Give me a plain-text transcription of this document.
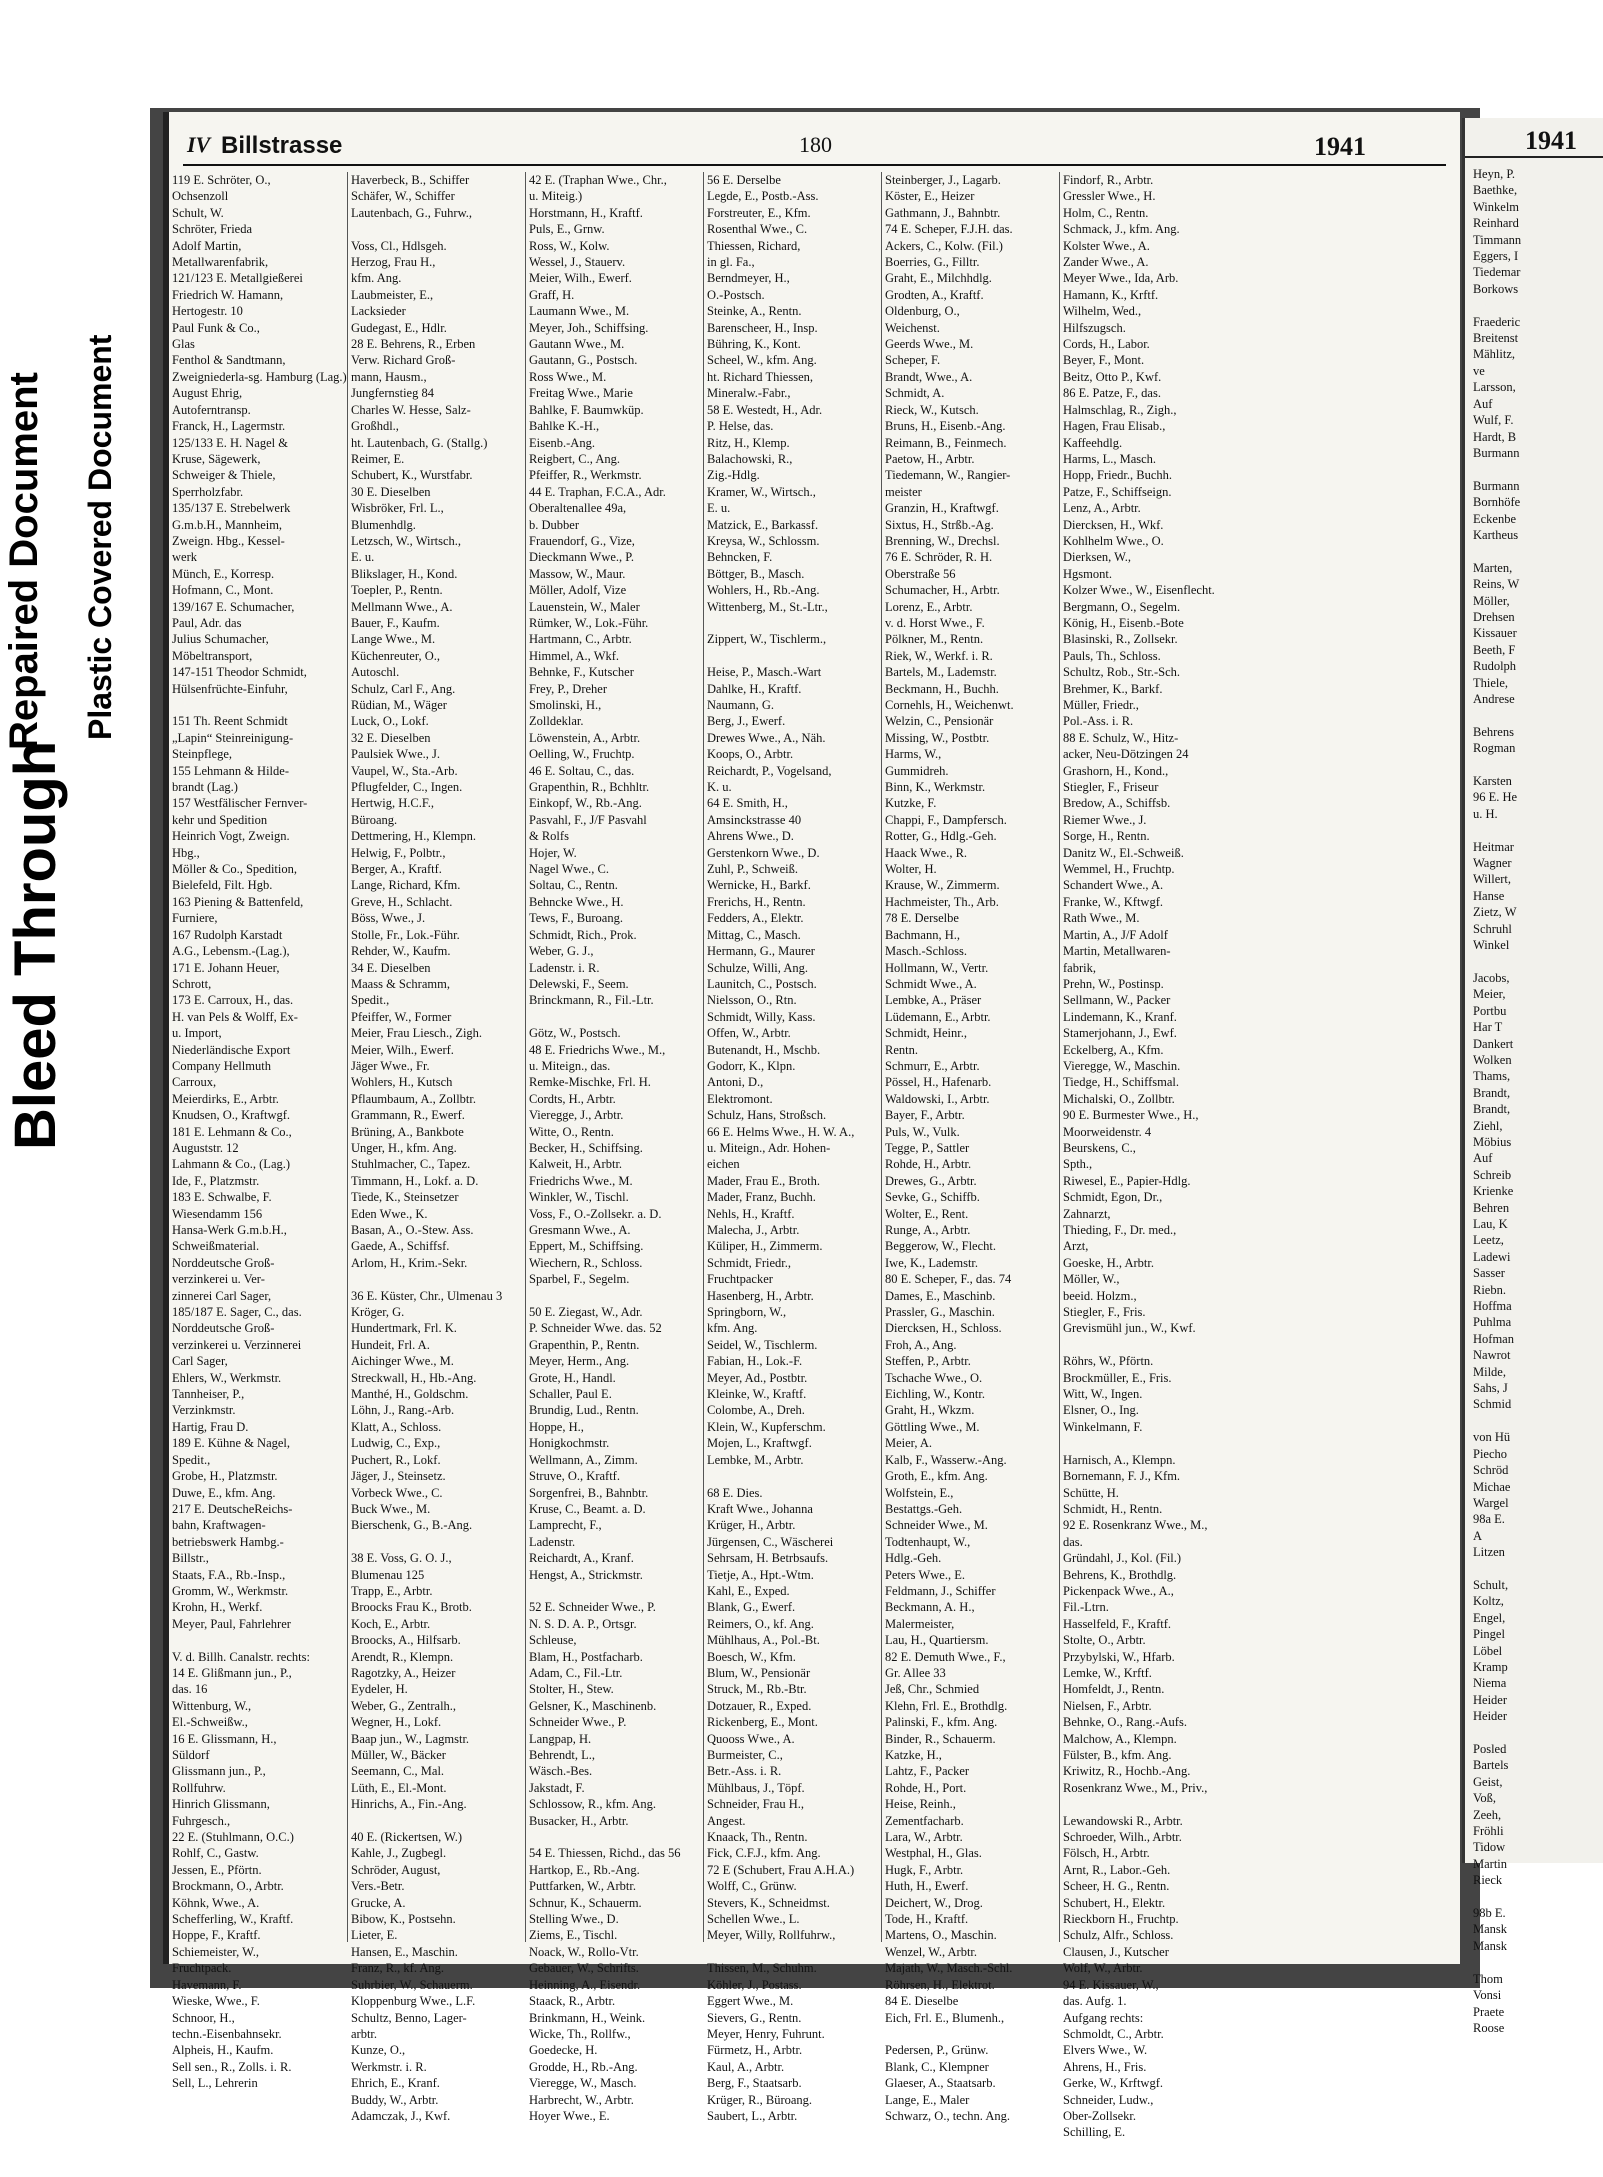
Bleed Through
Repaired Document Plastic Covered Document
IV Billstrasse	180	1941
119 E. Schröter, O.,
Ochsenzoll
Schult, W.
Schröter, Frieda
Adolf Martin,
Metallwarenfabrik,
121/123 E. Metallgießerei
Friedrich W. Hamann,
Hertogestr. 10
Paul Funk & Co.,
Glas
Fenthol & Sandtmann,
Zweigniederla-sg. Hamburg (Lag.)
August Ehrig,
Autoferntransp.
Franck, H., Lagermstr.
125/133 E. H. Nagel &
Kruse, Sägewerk,
Schweiger & Thiele,
Sperrholzfabr.
135/137 E. Strebelwerk
G.m.b.H., Mannheim,
Zweign. Hbg., Kessel-
werk
Münch, E., Korresp.
Hofmann, C., Mont.
139/167 E. Schumacher,
Paul, Adr. das
Julius Schumacher,
Möbeltransport,
147-151 Theodor Schmidt,
Hülsenfrüchte-Einfuhr,

151 Th. Reent Schmidt
„Lapin“ Steinreinigung-
Steinpflege,
155 Lehmann & Hilde-
brandt (Lag.)
157 Westfälischer Fernver-
kehr und Spedition
Heinrich Vogt, Zweign.
Hbg.,
Möller & Co., Spedition,
Bielefeld, Filt. Hgb.
163 Piening & Battenfeld,
Furniere,
167 Rudolph Karstadt
A.G., Lebensm.-(Lag.),
171 E. Johann Heuer,
Schrott,
173 E. Carroux, H., das.
H. van Pels & Wolff, Ex-
u. Import,
Niederländische Export
Company Hellmuth
Carroux,
Meierdirks, E., Arbtr.
Knudsen, O., Kraftwgf.
181 E. Lehmann & Co.,
Auguststr. 12
Lahmann & Co., (Lag.)
Ide, F., Platzmstr.
183 E. Schwalbe, F.
Wiesendamm 156
Hansa-Werk G.m.b.H.,
Schweißmaterial.
Norddeutsche Groß-
verzinkerei u. Ver-
zinnerei Carl Sager,
185/187 E. Sager, C., das.
Norddeutsche Groß-
verzinkerei u. Verzinnerei
Carl Sager,
Ehlers, W., Werkmstr.
Tannheiser, P.,
Verzinkmstr.
Hartig, Frau D.
189 E. Kühne & Nagel,
Spedit.,
Grobe, H., Platzmstr.
Duwe, E., kfm. Ang.
217 E. DeutscheReichs-
bahn, Kraftwagen-
betriebswerk Hambg.-
Billstr.,
Staats, F.A., Rb.-Insp.,
Gromm, W., Werkmstr.
Krohn, H., Werkf.
Meyer, Paul, Fahrlehrer

V. d. Billh. Canalstr. rechts:
14 E. Glißmann jun., P.,
das. 16
Wittenburg, W.,
El.-Schweißw.,
16 E. Glissmann, H.,
Süldorf
Glissmann jun., P.,
Rollfuhrw.
Hinrich Glissmann,
Fuhrgesch.,
22 E. (Stuhlmann, O.C.)
Rohlf, C., Gastw.
Jessen, E., Pförtn.
Brockmann, O., Arbtr.
Köhnk, Wwe., A.
Schefferling, W., Kraftf.
Hoppe, F., Kraftf.
Schiemeister, W.,
Fruchtpack.
Havemann, F.
Wieske, Wwe., F.
Schnoor, H.,
techn.-Eisenbahnsekr.
Alpheis, H., Kaufm.
Sell sen., R., Zolls. i. R.
Sell, L., Lehrerin
Haverbeck, B., Schiffer
Schäfer, W., Schiffer
Lautenbach, G., Fuhrw.,

Voss, Cl., Hdlsgeh.
Herzog, Frau H.,
kfm. Ang.
Laubmeister, E.,
Lacksieder
Gudegast, E., Hdlr.
28 E. Behrens, R., Erben
Verw. Richard Groß-
mann, Hausm.,
Jungfernstieg 84
Charles W. Hesse, Salz-
Großhdl.,
ht. Lautenbach, G. (Stallg.)
Reimer, E.
Schubert, K., Wurstfabr.
30 E. Dieselben
Wisbröker, Frl. L.,
Blumenhdlg.
Letzsch, W., Wirtsch.,
E. u.
Blikslager, H., Kond.
Toepler, P., Rentn.
Mellmann Wwe., A.
Bauer, F., Kaufm.
Lange Wwe., M.
Küchenreuter, O.,
Autoschl.
Schulz, Carl F., Ang.
Rüdian, M., Wäger
Luck, O., Lokf.
32 E. Dieselben
Paulsiek Wwe., J.
Vaupel, W., Sta.-Arb.
Pflugfelder, C., Ingen.
Hertwig, H.C.F.,
Büroang.
Dettmering, H., Klempn.
Helwig, F., Polbtr.,
Berger, A., Kraftf.
Lange, Richard, Kfm.
Greve, H., Schlacht.
Böss, Wwe., J.
Stolle, Fr., Lok.-Führ.
Rehder, W., Kaufm.
34 E. Dieselben
Maass & Schramm,
Spedit.,
Pfeiffer, W., Former
Meier, Frau Liesch., Zigh.
Meier, Wilh., Ewerf.
Jäger Wwe., Fr.
Wohlers, H., Kutsch
Pflaumbaum, A., Zollbtr.
Grammann, R., Ewerf.
Brüning, A., Bankbote
Unger, H., kfm. Ang.
Stuhlmacher, C., Tapez.
Timmann, H., Lokf. a. D.
Tiede, K., Steinsetzer
Eden Wwe., K.
Basan, A., O.-Stew. Ass.
Gaede, A., Schiffsf.
Arlom, H., Krim.-Sekr.

36 E. Küster, Chr., Ulmenau 3
Kröger, G.
Hundertmark, Frl. K.
Hundeit, Frl. A.
Aichinger Wwe., M.
Streckwall, H., Hb.-Ang.
Manthé, H., Goldschm.
Löhn, J., Rang.-Arb.
Klatt, A., Schloss.
Ludwig, C., Exp.,
Puchert, R., Lokf.
Jäger, J., Steinsetz.
Vorbeck Wwe., C.
Buck Wwe., M.
Bierschenk, G., B.-Ang.

38 E. Voss, G. O. J.,
Blumenau 125
Trapp, E., Arbtr.
Broocks Frau K., Brotb.
Koch, E., Arbtr.
Broocks, A., Hilfsarb.
Arendt, R., Klempn.
Ragotzky, A., Heizer
Eydeler, H.
Weber, G., Zentralh.,
Wegner, H., Lokf.
Baap jun., W., Lagmstr.
Müller, W., Bäcker
Seemann, C., Mal.
Lüth, E., El.-Mont.
Hinrichs, A., Fin.-Ang.

40 E. (Rickertsen, W.)
Kahle, J., Zugbegl.
Schröder, August,
Vers.-Betr.
Grucke, A.
Bibow, K., Postsehn.
Lieter, E.
Hansen, E., Maschin.
Franz, R., kf. Ang.
Suhrbier, W., Schauerm.
Kloppenburg Wwe., L.F.
Schultz, Benno, Lager-
arbtr.
Kunze, O.,
Werkmstr. i. R.
Ehrich, E., Kranf.
Buddy, W., Arbtr.
Adamczak, J., Kwf.
42 E. (Traphan Wwe., Chr.,
u. Miteig.)
Horstmann, H., Kraftf.
Puls, E., Grnw.
Ross, W., Kolw.
Wessel, J., Stauerv.
Meier, Wilh., Ewerf.
Graff, H.
Laumann Wwe., M.
Meyer, Joh., Schiffsing.
Gautann Wwe., M.
Gautann, G., Postsch.
Ross Wwe., M.
Freitag Wwe., Marie
Bahlke, F. Baumwküp.
Bahlke K.-H.,
Eisenb.-Ang.
Reigbert, C., Ang.
Pfeiffer, R., Werkmstr.
44 E. Traphan, F.C.A., Adr.
Oberaltenallee 49a,
b. Dubber
Frauendorf, G., Vize,
Dieckmann Wwe., P.
Massow, W., Maur.
Möller, Adolf, Vize
Lauenstein, W., Maler
Rümker, W., Lok.-Führ.
Hartmann, C., Arbtr.
Himmel, A., Wkf.
Behnke, F., Kutscher
Frey, P., Dreher
Smolinski, H.,
Zolldeklar.
Löwenstein, A., Arbtr.
Oelling, W., Fruchtp.
46 E. Soltau, C., das.
Grapenthin, R., Bchhltr.
Einkopf, W., Rb.-Ang.
Pasvahl, F., J/F Pasvahl
& Rolfs
Hojer, W.
Nagel Wwe., C.
Soltau, C., Rentn.
Behncke Wwe., H.
Tews, F., Buroang.
Schmidt, Rich., Prok.
Weber, G. J.,
Ladenstr. i. R.
Delewski, F., Seem.
Brinckmann, R., Fil.-Ltr.

Götz, W., Postsch.
48 E. Friedrichs Wwe., M.,
u. Miteign., das.
Remke-Mischke, Frl. H.
Cordts, H., Arbtr.
Vieregge, J., Arbtr.
Witte, O., Rentn.
Becker, H., Schiffsing.
Kalweit, H., Arbtr.
Friedrichs Wwe., M.
Winkler, W., Tischl.
Voss, F., O.-Zollsekr. a. D.
Gresmann Wwe., A.
Eppert, M., Schiffsing.
Wiechern, R., Schloss.
Sparbel, F., Segelm.

50 E. Ziegast, W., Adr.
P. Schneider Wwe. das. 52
Grapenthin, P., Rentn.
Meyer, Herm., Ang.
Grote, H., Handl.
Schaller, Paul E.
Brundig, Lud., Rentn.
Hoppe, H.,
Honigkochmstr.
Wellmann, A., Zimm.
Struve, O., Kraftf.
Sorgenfrei, B., Bahnbtr.
Kruse, C., Beamt. a. D.
Lamprecht, F.,
Ladenstr.
Reichardt, A., Kranf.
Hengst, A., Strickmstr.

52 E. Schneider Wwe., P.
N. S. D. A. P., Ortsgr.
Schleuse,
Blam, H., Postfacharb.
Adam, C., Fil.-Ltr.
Stolter, H., Stew.
Gelsner, K., Maschinenb.
Schneider Wwe., P.
Langpap, H.
Behrendt, L.,
Wäsch.-Bes.
Jakstadt, F.
Schlossow, R., kfm. Ang.
Busacker, H., Arbtr.

54 E. Thiessen, Richd., das 56
Hartkop, E., Rb.-Ang.
Puttfarken, W., Arbtr.
Schnur, K., Schauerm.
Stelling Wwe., D.
Ziems, E., Tischl.
Noack, W., Rollo-Vtr.
Gebauer, W., Schrifts.
Heinning, A., Eisendr.
Staack, R., Arbtr.
Brinkmann, H., Weink.
Wicke, Th., Rollfw.,
Goedecke, H.
Grodde, H., Rb.-Ang.
Vieregge, W., Masch.
Harbrecht, W., Arbtr.
Hoyer Wwe., E.
56 E. Derselbe
Legde, E., Postb.-Ass.
Forstreuter, E., Kfm.
Rosenthal Wwe., C.
Thiessen, Richard,
in gl. Fa.,
Berndmeyer, H.,
O.-Postsch.
Steinke, A., Rentn.
Barenscheer, H., Insp.
Bühring, K., Kont.
Scheel, W., kfm. Ang.
ht. Richard Thiessen,
Mineralw.-Fabr.,
58 E. Westedt, H., Adr.
P. Helse, das.
Ritz, H., Klemp.
Balachowski, R.,
Zig.-Hdlg.
Kramer, W., Wirtsch.,
E. u.
Matzick, E., Barkassf.
Kreysa, W., Schlossm.
Behncken, F.
Böttger, B., Masch.
Wohlers, H., Rb.-Ang.
Wittenberg, M., St.-Ltr.,

Zippert, W., Tischlerm.,

Heise, P., Masch.-Wart
Dahlke, H., Kraftf.
Naumann, G.
Berg, J., Ewerf.
Drewes Wwe., A., Näh.
Koops, O., Arbtr.
Reichardt, P., Vogelsand,
K. u.
64 E. Smith, H.,
Amsinckstrasse 40
Ahrens Wwe., D.
Gerstenkorn Wwe., D.
Zuhl, P., Schweiß.
Wernicke, H., Barkf.
Frerichs, H., Rentn.
Fedders, A., Elektr.
Mittag, C., Masch.
Hermann, G., Maurer
Schulze, Willi, Ang.
Launitch, C., Postsch.
Nielsson, O., Rtn.
Schmidt, Willy, Kass.
Offen, W., Arbtr.
Butenandt, H., Mschb.
Godorr, K., Klpn.
Antoni, D.,
Elektromont.
Schulz, Hans, Stroßsch.
66 E. Helms Wwe., H. W. A.,
u. Miteign., Adr. Hohen-
eichen
Mader, Frau E., Broth.
Mader, Franz, Buchh.
Nehls, H., Kraftf.
Malecha, J., Arbtr.
Küliper, H., Zimmerm.
Schmidt, Friedr.,
Fruchtpacker
Hasenberg, H., Arbtr.
Springborn, W.,
kfm. Ang.
Seidel, W., Tischlerm.
Fabian, H., Lok.-F.
Meyer, Ad., Postbtr.
Kleinke, W., Kraftf.
Colombe, A., Dreh.
Klein, W., Kupferschm.
Mojen, L., Kraftwgf.
Lembke, M., Arbtr.

68 E. Dies.
Kraft Wwe., Johanna
Krüger, H., Arbtr.
Jürgensen, C., Wäscherei
Sehrsam, H. Betrbsaufs.
Tietje, A., Hpt.-Wtm.
Kahl, E., Exped.
Blank, G., Ewerf.
Reimers, O., kf. Ang.
Mühlhaus, A., Pol.-Bt.
Boesch, W., Kfm.
Blum, W., Pensionär
Struck, M., Rb.-Btr.
Dotzauer, R., Exped.
Rickenberg, E., Mont.
Quooss Wwe., A.
Burmeister, C.,
Betr.-Ass. i. R.
Mühlbaus, J., Töpf.
Schneider, Frau H.,
Angest.
Knaack, Th., Rentn.
Fick, C.F.J., kfm. Ang.
72 E (Schubert, Frau A.H.A.)
Wolff, C., Grünw.
Stevers, K., Schneidmst.
Schellen Wwe., L.
Meyer, Willy, Rollfuhrw.,

Thissen, M., Schuhm.
Köhler, J., Postass.
Eggert Wwe., M.
Sievers, G., Rentn.
Meyer, Henry, Fuhrunt.
Fürmetz, H., Arbtr.
Kaul, A., Arbtr.
Berg, F., Staatsarb.
Krüger, R., Büroang.
Saubert, L., Arbtr.
Steinberger, J., Lagarb.
Köster, E., Heizer
Gathmann, J., Bahnbtr.
74 E. Scheper, F.J.H. das.
Ackers, C., Kolw. (Fil.)
Boerries, G., Filltr.
Graht, E., Milchhdlg.
Grodten, A., Kraftf.
Oldenburg, O.,
Weichenst.
Geerds Wwe., M.
Scheper, F.
Brandt, Wwe., A.
Schmidt, A.
Rieck, W., Kutsch.
Bruns, H., Eisenb.-Ang.
Reimann, B., Feinmech.
Paetow, H., Arbtr.
Tiedemann, W., Rangier-
meister
Granzin, H., Kraftwgf.
Sixtus, H., Strßb.-Ag.
Brenning, W., Drechsl.
76 E. Schröder, R. H.
Oberstraße 56
Schumacher, H., Arbtr.
Lorenz, E., Arbtr.
v. d. Horst Wwe., F.
Pölkner, M., Rentn.
Riek, W., Werkf. i. R.
Bartels, M., Lademstr.
Beckmann, H., Buchh.
Cornehls, H., Weichenwt.
Welzin, C., Pensionär
Missing, W., Postbtr.
Harms, W.,
Gummidreh.
Binn, K., Werkmstr.
Kutzke, F.
Chappi, F., Dampfersch.
Rotter, G., Hdlg.-Geh.
Haack Wwe., R.
Wolter, H.
Krause, W., Zimmerm.
Hachmeister, Th., Arb.
78 E. Derselbe
Bachmann, H.,
Masch.-Schloss.
Hollmann, W., Vertr.
Schmidt Wwe., A.
Lembke, A., Präser
Lüdemann, E., Arbtr.
Schmidt, Heinr.,
Rentn.
Schmurr, E., Arbtr.
Pössel, H., Hafenarb.
Waldowski, I., Arbtr.
Bayer, F., Arbtr.
Puls, W., Vulk.
Tegge, P., Sattler
Rohde, H., Arbtr.
Drewes, G., Arbtr.
Sevke, G., Schiffb.
Wolter, E., Rent.
Runge, A., Arbtr.
Beggerow, W., Flecht.
Iwe, K., Lademstr.
80 E. Scheper, F., das. 74
Dames, E., Maschinb.
Prassler, G., Maschin.
Diercksen, H., Schloss.
Froh, A., Ang.
Steffen, P., Arbtr.
Tschache Wwe., O.
Eichling, W., Kontr.
Graht, H., Wkzm.
Göttling Wwe., M.
Meier, A.
Kalb, F., Wasserw.-Ang.
Groth, E., kfm. Ang.
Wolfstein, E.,
Bestattgs.-Geh.
Schneider Wwe., M.
Todtenhaupt, W.,
Hdlg.-Geh.
Peters Wwe., E.
Feldmann, J., Schiffer
Beckmann, A. H.,
Malermeister,
Lau, H., Quartiersm.
82 E. Demuth Wwe., F.,
Gr. Allee 33
Jeß, Chr., Schmied
Klehn, Frl. E., Brothdlg.
Palinski, F., kfm. Ang.
Binder, R., Schauerm.
Katzke, H.,
Lahtz, F., Packer
Rohde, H., Port.
Heise, Reinh.,
Zementfacharb.
Lara, W., Arbtr.
Westphal, H., Glas.
Hugk, F., Arbtr.
Huth, H., Ewerf.
Deichert, W., Drog.
Tode, H., Kraftf.
Martens, O., Maschin.
Wenzel, W., Arbtr.
Majath, W., Masch.-Schl.
Röhrsen, H., Elektrot.
84 E. Dieselbe
Eich, Frl. E., Blumenh.,

Pedersen, P., Grünw.
Blank, C., Klempner
Glaeser, A., Staatsarb.
Lange, E., Maler
Schwarz, O., techn. Ang.
Findorf, R., Arbtr.
Gressler Wwe., H.
Holm, C., Rentn.
Schmack, J., kfm. Ang.
Kolster Wwe., A.
Zander Wwe., A.
Meyer Wwe., Ida, Arb.
Hamann, K., Krftf.
Wilhelm, Wed.,
Hilfszugsch.
Cords, H., Labor.
Beyer, F., Mont.
Beitz, Otto P., Kwf.
86 E. Patze, F., das.
Halmschlag, R., Zigh.,
Hagen, Frau Elisab.,
Kaffeehdlg.
Harms, L., Masch.
Hopp, Friedr., Buchh.
Patze, F., Schiffseign.
Lenz, A., Arbtr.
Diercksen, H., Wkf.
Kohlhelm Wwe., O.
Dierksen, W.,
Hgsmont.
Kolzer Wwe., W., Eisenflecht.
Bergmann, O., Segelm.
König, H., Eisenb.-Bote
Blasinski, R., Zollsekr.
Pauls, Th., Schloss.
Schultz, Rob., Str.-Sch.
Brehmer, K., Barkf.
Müller, Friedr.,
Pol.-Ass. i. R.
88 E. Schulz, W., Hitz-
acker, Neu-Dötzingen 24
Grashorn, H., Kond.,
Stiegler, F., Friseur
Bredow, A., Schiffsb.
Riemer Wwe., J.
Sorge, H., Rentn.
Danitz W., El.-Schweiß.
Wemmel, H., Fruchtp.
Schandert Wwe., A.
Franke, W., Kftwgf.
Rath Wwe., M.
Martin, A., J/F Adolf
Martin, Metallwaren-
fabrik,
Prehn, W., Postinsp.
Sellmann, W., Packer
Lindemann, K., Kranf.
Stamerjohann, J., Ewf.
Eckelberg, A., Kfm.
Vieregge, W., Maschin.
Tiedge, H., Schiffsmal.
Michalski, O., Zollbtr.
90 E. Burmester Wwe., H.,
Moorweidenstr. 4
Beurskens, C.,
Spth.,
Riwesel, E., Papier-Hdlg.
Schmidt, Egon, Dr.,
Zahnarzt,
Thieding, F., Dr. med.,
Arzt,
Goeske, H., Arbtr.
Möller, W.,
beeid. Holzm.,
Stiegler, F., Fris.
Grevismühl jun., W., Kwf.

Röhrs, W., Pförtn.
Brockmüller, E., Fris.
Witt, W., Ingen.
Elsner, O., Ing.
Winkelmann, F.

Harnisch, A., Klempn.
Bornemann, F. J., Kfm.
Schütte, H.
Schmidt, H., Rentn.
92 E. Rosenkranz Wwe., M.,
das.
Gründahl, J., Kol. (Fil.)
Behrens, K., Brothdlg.
Pickenpack Wwe., A.,
Fil.-Ltrn.
Hasselfeld, F., Kraftf.
Stolte, O., Arbtr.
Przybylski, W., Hfarb.
Lemke, W., Krftf.
Homfeldt, J., Rentn.
Nielsen, F., Arbtr.
Behnke, O., Rang.-Aufs.
Malchow, A., Klempn.
Fülster, B., kfm. Ang.
Kriwitz, R., Hochb.-Ang.
Rosenkranz Wwe., M., Priv.,

Lewandowski R., Arbtr.
Schroeder, Wilh., Arbtr.
Fölsch, H., Arbtr.
Arnt, R., Labor.-Geh.
Scheer, H. G., Rentn.
Schubert, H., Elektr.
Rieckborn H., Fruchtp.
Schulz, Alfr., Schloss.
Clausen, J., Kutscher
Wolf, W., Arbtr.
94 E. Kissauer, W.,
das. Aufg. 1.
Aufgang rechts:
Schmoldt, C., Arbtr.
Elvers Wwe., W.
Ahrens, H., Fris.
Gerke, W., Krftwgf.
Schneider, Ludw.,
Ober-Zollsekr.
Schilling, E.
1941
Heyn, P.
Baethke,
Winkelm
Reinhard
Timmann
Eggers, I
Tiedemar
Borkows

Fraederic
Breitenst
Mählitz,
ve
Larsson,
Auf
Wulf, F.
Hardt, B
Burmann

Burmann
Bornhöfe
Eckenbe
Kartheus

Marten,
Reins, W
Möller,
Drehsen
Kissauer
Beeth, F
Rudolph
Thiele,
Andrese

Behrens
Rogman

Karsten
96 E. He
u. H.

Heitmar
Wagner
Willert,
Hanse
Zietz, W
Schruhl
Winkel

Jacobs,
Meier,
Portbu
Har T
Dankert
Wolken
Thams,
Brandt,
Brandt,
Ziehl,
Möbius
Auf
Schreib
Krienke
Behren
Lau, K
Leetz,
Ladewi
Sasser
Riebn.
Hoffma
Puhlma
Hofman
Nawrot
Milde,
Sahs, J
Schmid

von Hü
Piecho
Schröd
Michae
Wargel
98a E.
A
Litzen

Schult,
Koltz,
Engel,
Pingel
Löbel
Kramp
Niema
Heider
Heider

Posled
Bartels
Geist,
Voß,
Zeeh,
Fröhli
Tidow
Martin
Rieck

98b E.
Mansk
Mansk

Thom
Vonsi
Praete
Roose
